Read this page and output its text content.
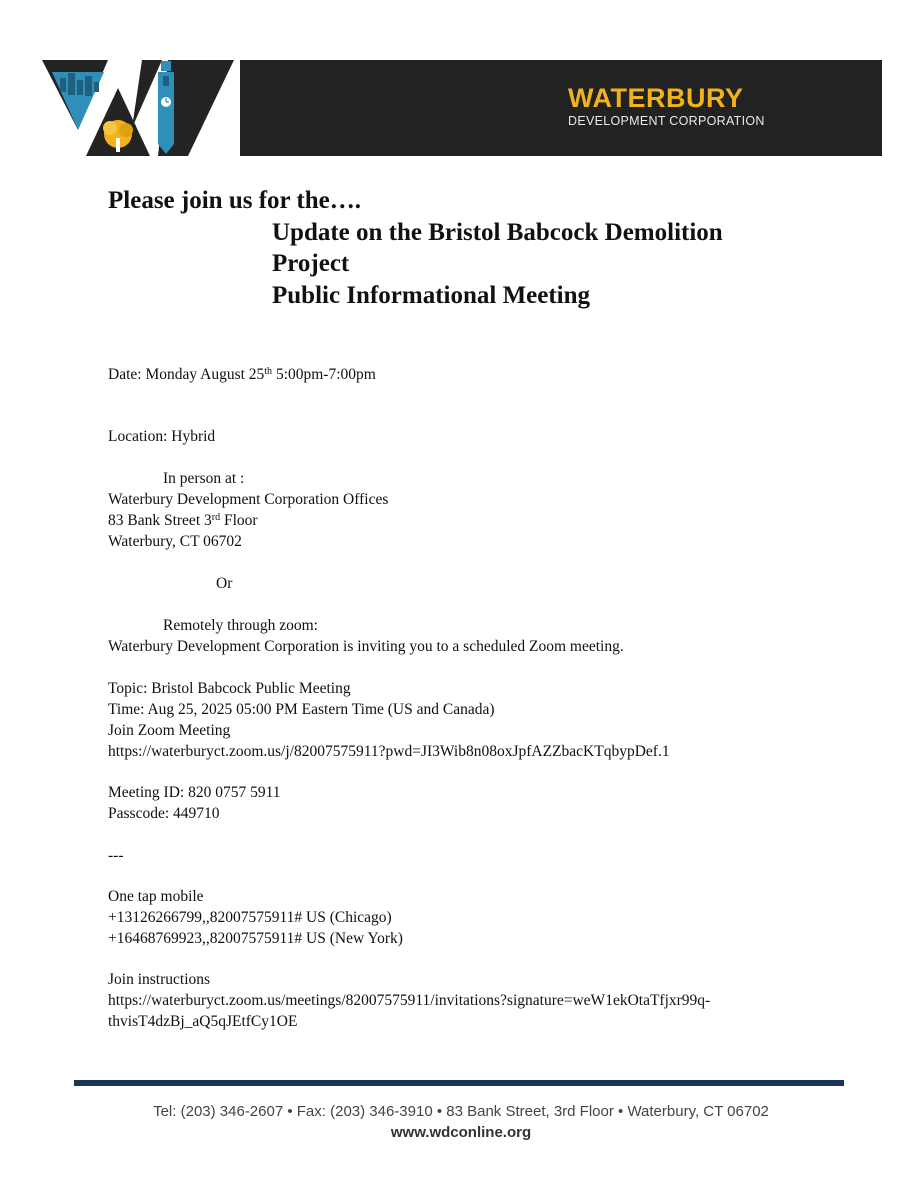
WATERBURY
DEVELOPMENT CORPORATION
Please join us for the….
Update on the Bristol Babcock Demolition
Project
Public Informational Meeting
Date: Monday August 25th 5:00pm-7:00pm
Location: Hybrid
In person at :
Waterbury Development Corporation Offices
83 Bank Street 3rd Floor
Waterbury, CT 06702
Or
Remotely through zoom:
Waterbury Development Corporation is inviting you to a scheduled Zoom meeting.
Topic: Bristol Babcock Public Meeting
Time: Aug 25, 2025 05:00 PM Eastern Time (US and Canada)
Join Zoom Meeting
https://waterburyct.zoom.us/j/82007575911?pwd=JI3Wib8n08oxJpfAZZbacKTqbypDef.1
Meeting ID: 820 0757 5911
Passcode: 449710
---
One tap mobile
+13126266799,,82007575911# US (Chicago)
+16468769923,,82007575911# US (New York)
Join instructions
https://waterburyct.zoom.us/meetings/82007575911/invitations?signature=weW1ekOtaTfjxr99q-
thvisT4dzBj_aQ5qJEtfCy1OE
Tel: (203) 346-2607 • Fax: (203) 346-3910 • 83 Bank Street, 3rd Floor • Waterbury, CT 06702
www.wdconline.org
